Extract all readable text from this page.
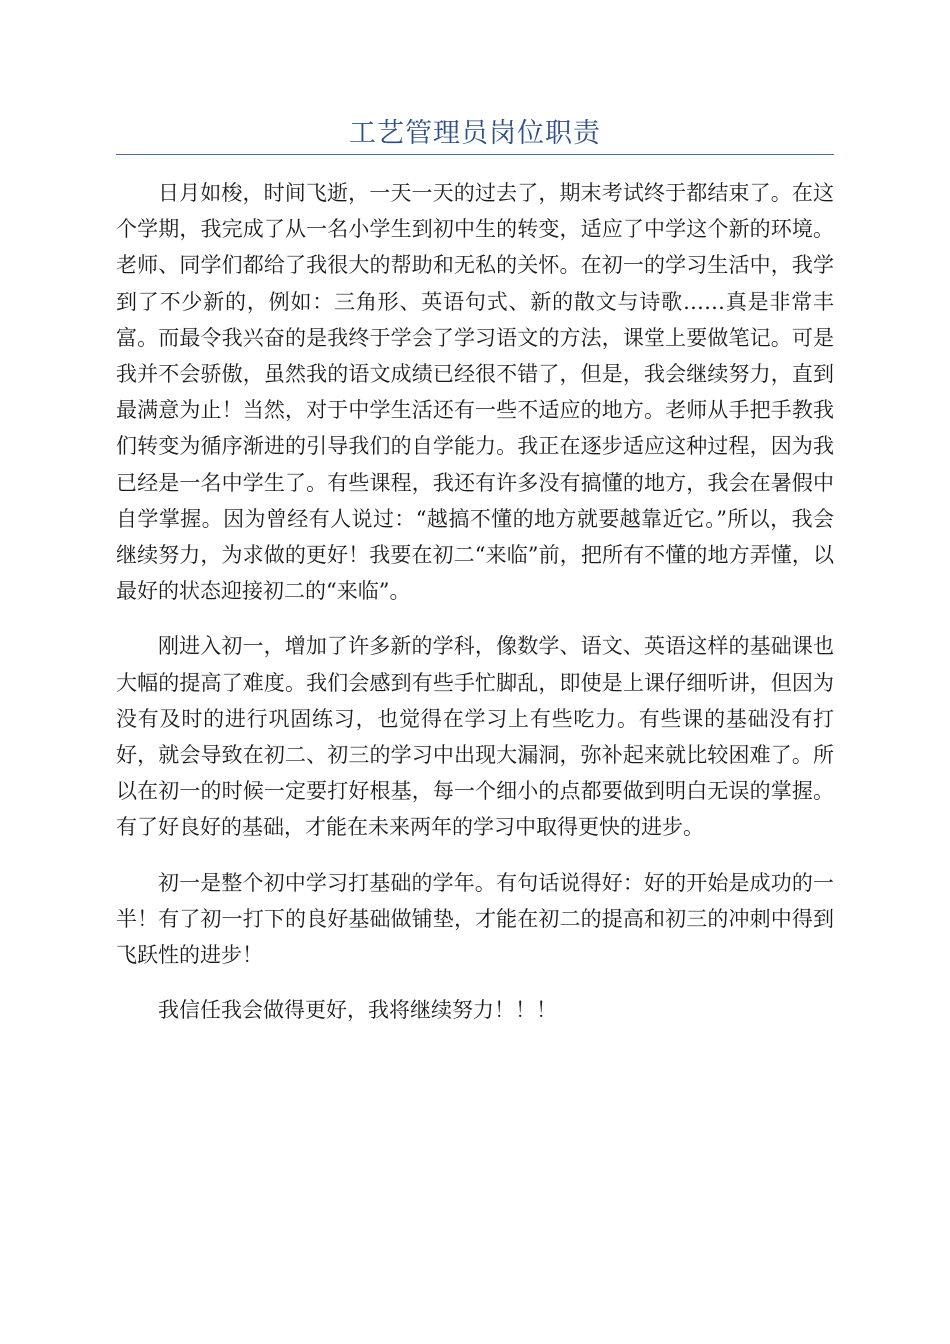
工艺管理员岗位职责

日月如梭，时间飞逝，一天一天的过去了，期末考试终于都结束了。在这个学期，我完成了从一名小学生到初中生的转变，适应了中学这个新的环境。老师、同学们都给了我很大的帮助和无私的关怀。在初一的学习生活中，我学到了不少新的，例如：三角形、英语句式、新的散文与诗歌……真是非常丰富。而最令我兴奋的是我终于学会了学习语文的方法，课堂上要做笔记。可是我并不会骄傲，虽然我的语文成绩已经很不错了，但是，我会继续努力，直到最满意为止！当然，对于中学生活还有一些不适应的地方。老师从手把手教我们转变为循序渐进的引导我们的自学能力。我正在逐步适应这种过程，因为我已经是一名中学生了。有些课程，我还有许多没有搞懂的地方，我会在暑假中自学掌握。因为曾经有人说过：“越搞不懂的地方就要越靠近它。”所以，我会继续努力，为求做的更好！我要在初二“来临”前，把所有不懂的地方弄懂，以最好的状态迎接初二的“来临”。

刚进入初一，增加了许多新的学科，像数学、语文、英语这样的基础课也大幅的提高了难度。我们会感到有些手忙脚乱，即使是上课仔细听讲，但因为没有及时的进行巩固练习，也觉得在学习上有些吃力。有些课的基础没有打好，就会导致在初二、初三的学习中出现大漏洞，弥补起来就比较困难了。所以在初一的时候一定要打好根基，每一个细小的点都要做到明白无误的掌握。有了好良好的基础，才能在未来两年的学习中取得更快的进步。

初一是整个初中学习打基础的学年。有句话说得好：好的开始是成功的一半！有了初一打下的良好基础做铺垫，才能在初二的提高和初三的冲刺中得到飞跃性的进步！

我信任我会做得更好，我将继续努力！！！
